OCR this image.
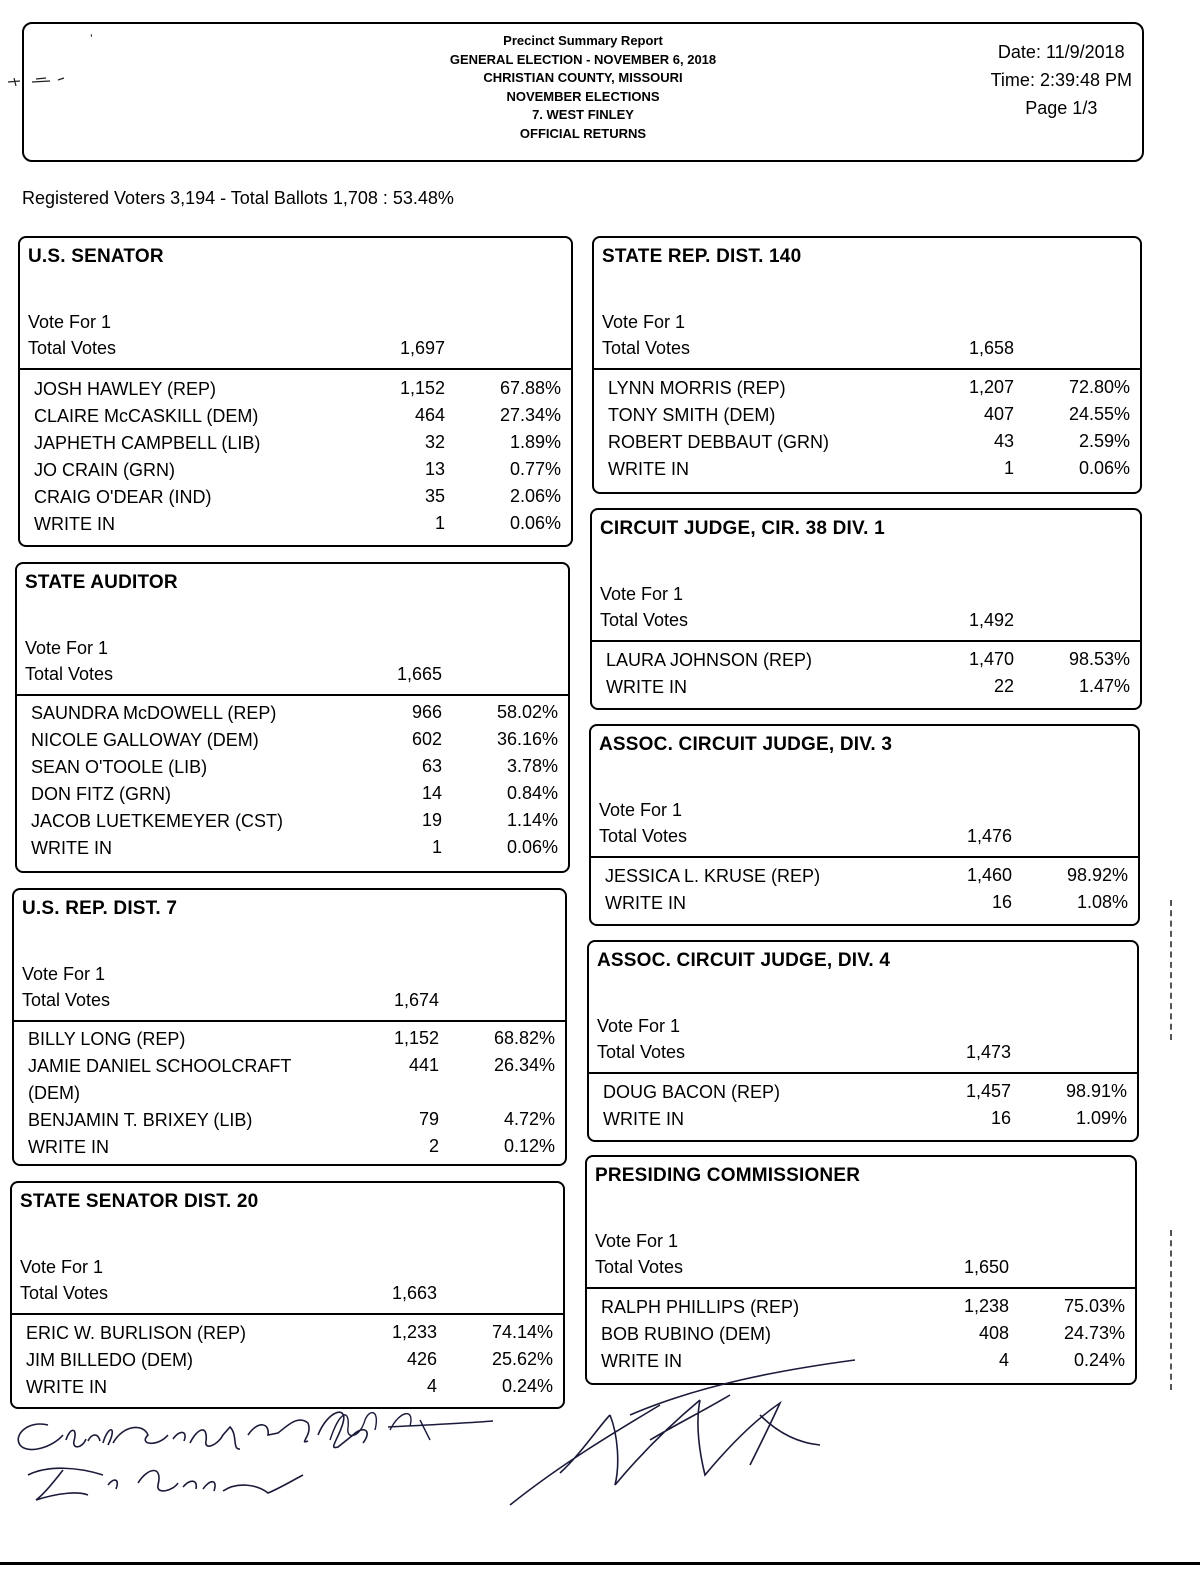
ʼ	Precinct Summary Report
GENERAL ELECTION - NOVEMBER 6, 2018
CHRISTIAN COUNTY, MISSOURI
NOVEMBER ELECTIONS
7. WEST FINLEY
OFFICIAL RETURNS
Date: 11/9/2018
Time: 2:39:48 PM
Page 1/3
Registered Voters 3,194 - Total Ballots 1,708 : 53.48%
U.S. SENATOR
Vote For 1
Total Votes	1,697
JOSH HAWLEY (REP)	1,152	67.88%
CLAIRE McCASKILL (DEM)	464	27.34%
JAPHETH CAMPBELL (LIB)	32	1.89%
JO CRAIN (GRN)	13	0.77%
CRAIG O'DEAR (IND)	35	2.06%
WRITE IN	1	0.06%
STATE AUDITOR
Vote For 1
Total Votes	1,665
SAUNDRA McDOWELL (REP)	966	58.02%
NICOLE GALLOWAY (DEM)	602	36.16%
SEAN O'TOOLE (LIB)	63	3.78%
DON FITZ (GRN)	14	0.84%
JACOB LUETKEMEYER (CST)	19	1.14%
WRITE IN	1	0.06%
U.S. REP. DIST. 7
Vote For 1
Total Votes	1,674
BILLY LONG (REP)	1,152	68.82%
JAMIE DANIEL SCHOOLCRAFT	441	26.34%
(DEM)
BENJAMIN T. BRIXEY (LIB)	79	4.72%
WRITE IN	2	0.12%
STATE SENATOR DIST. 20
Vote For 1
Total Votes	1,663
ERIC W. BURLISON (REP)	1,233	74.14%
JIM BILLEDO (DEM)	426	25.62%
WRITE IN	4	0.24%
STATE REP. DIST. 140
Vote For 1
Total Votes	1,658
LYNN MORRIS (REP)	1,207	72.80%
TONY SMITH (DEM)	407	24.55%
ROBERT DEBBAUT (GRN)	43	2.59%
WRITE IN	1	0.06%
CIRCUIT JUDGE, CIR. 38 DIV. 1
Vote For 1
Total Votes	1,492
LAURA JOHNSON (REP)	1,470	98.53%
WRITE IN	22	1.47%
ASSOC. CIRCUIT JUDGE, DIV. 3
Vote For 1
Total Votes	1,476
JESSICA L. KRUSE (REP)	1,460	98.92%
WRITE IN	16	1.08%
ASSOC. CIRCUIT JUDGE, DIV. 4
Vote For 1
Total Votes	1,473
DOUG BACON (REP)	1,457	98.91%
WRITE IN	16	1.09%
PRESIDING COMMISSIONER
Vote For 1
Total Votes	1,650
RALPH PHILLIPS (REP)	1,238	75.03%
BOB RUBINO (DEM)	408	24.73%
WRITE IN	4	0.24%
